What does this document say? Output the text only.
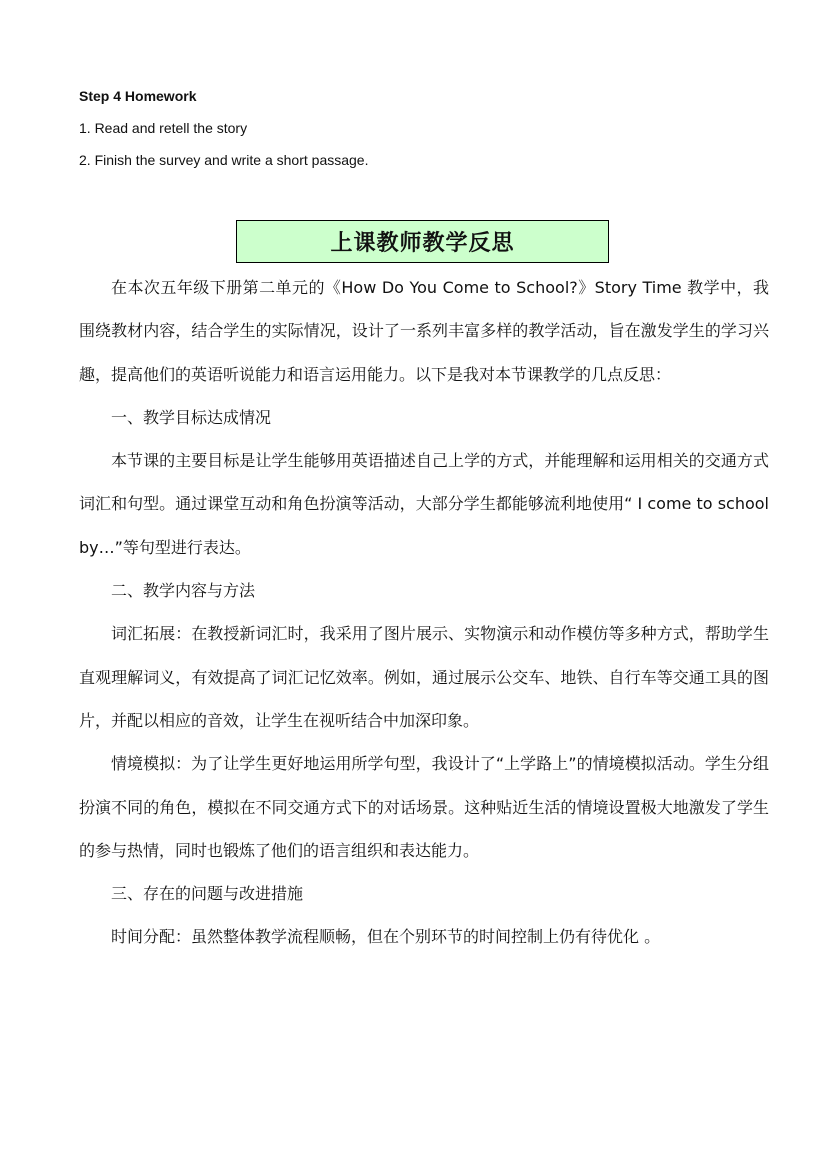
Step 4 Homework
1. Read and retell the story
2. Finish the survey and write a short passage.
上课教师教学反思

在本次五年级下册第二单元的《How Do You Come to School?》Story Time 教学中，我围绕教材内容，结合学生的实际情况，设计了一系列丰富多样的教学活动，旨在激发学生的学习兴趣，提高他们的英语听说能力和语言运用能力。以下是我对本节课教学的几点反思：

一、教学目标达成情况

本节课的主要目标是让学生能够用英语描述自己上学的方式，并能理解和运用相关的交通方式词汇和句型。通过课堂互动和角色扮演等活动，大部分学生都能够流利地使用“ I come to school by…”等句型进行表达。

二、教学内容与方法

词汇拓展：在教授新词汇时，我采用了图片展示、实物演示和动作模仿等多种方式，帮助学生直观理解词义，有效提高了词汇记忆效率。例如，通过展示公交车、地铁、自行车等交通工具的图片，并配以相应的音效，让学生在视听结合中加深印象。

情境模拟：为了让学生更好地运用所学句型，我设计了“上学路上”的情境模拟活动。学生分组扮演不同的角色，模拟在不同交通方式下的对话场景。这种贴近生活的情境设置极大地激发了学生的参与热情，同时也锻炼了他们的语言组织和表达能力。

三、存在的问题与改进措施

时间分配：虽然整体教学流程顺畅，但在个别环节的时间控制上仍有待优化 。
